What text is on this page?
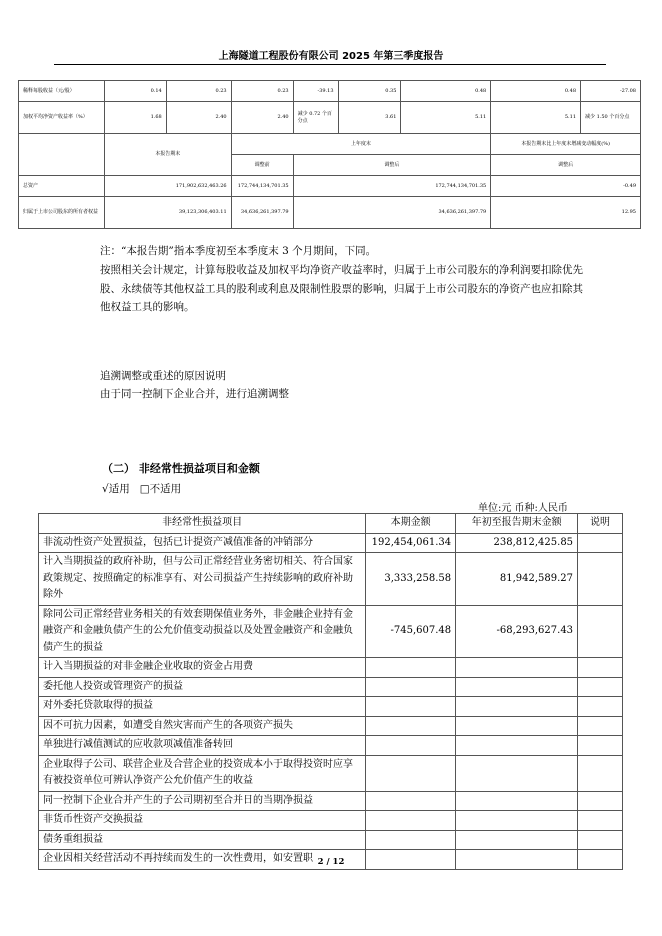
上海隧道工程股份有限公司 2025 年第三季度报告
稀释每股收益（元/股）	0.14	0.23	0.23	-39.13	0.35	0.48	0.48	-27.08
加权平均净资产收益率（%）	1.68	2.40	2.40	减少 0.72 个百分点	3.61	5.11	5.11	减少 1.50 个百分点
	本报告期末		上年度末				本报告期末比上年度末增减变动幅度(%)	
			调整前	调整后			调整后	
总资产	171,902,632,463.26		172,744,134,701.35	172,744,134,701.35			-0.49	
归属于上市公司股东的所有者权益	39,123,306,403.11		34,636,261,397.79	34,636,261,397.79			12.95	
注：“本报告期”指本季度初至本季度末 3 个月期间，下同。
按照相关会计规定，计算每股收益及加权平均净资产收益率时，归属于上市公司股东的净利润要扣除优先股、永续债等其他权益工具的股利或利息及限制性股票的影响，归属于上市公司股东的净资产也应扣除其他权益工具的影响。
追溯调整或重述的原因说明
由于同一控制下企业合并，进行追溯调整
（二） 非经常性损益项目和金额
√适用 □不适用
单位:元 币种:人民币
非经常性损益项目	本期金额	年初至报告期末金额	说明
非流动性资产处置损益，包括已计提资产减值准备的冲销部分	192,454,061.34	238,812,425.85	
计入当期损益的政府补助，但与公司正常经营业务密切相关、符合国家政策规定、按照确定的标准享有、对公司损益产生持续影响的政府补助除外	3,333,258.58	81,942,589.27	
除同公司正常经营业务相关的有效套期保值业务外，非金融企业持有金融资产和金融负债产生的公允价值变动损益以及处置金融资产和金融负债产生的损益	-745,607.48	-68,293,627.43	
计入当期损益的对非金融企业收取的资金占用费			
委托他人投资或管理资产的损益			
对外委托贷款取得的损益			
因不可抗力因素，如遭受自然灾害而产生的各项资产损失			
单独进行减值测试的应收款项减值准备转回			
企业取得子公司、联营企业及合营企业的投资成本小于取得投资时应享有被投资单位可辨认净资产公允价值产生的收益			
同一控制下企业合并产生的子公司期初至合并日的当期净损益			
非货币性资产交换损益			
债务重组损益			
企业因相关经营活动不再持续而发生的一次性费用，如安置职			2 / 12
